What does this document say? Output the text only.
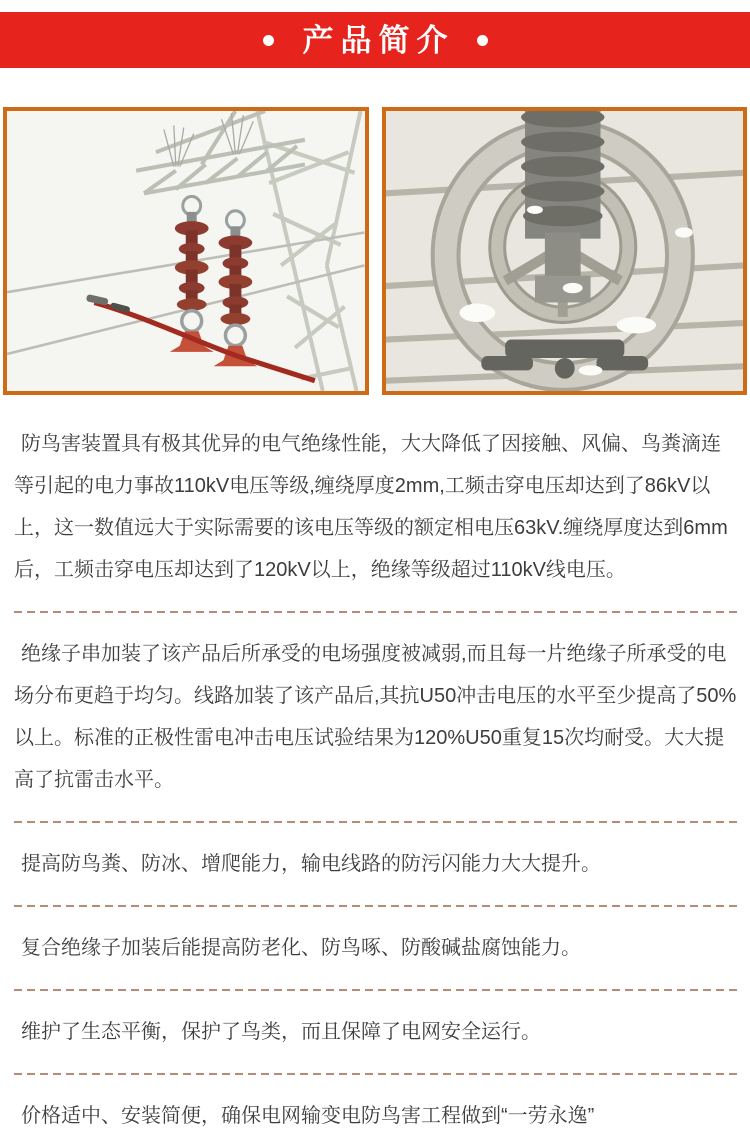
产品简介

防鸟害装置具有极其优异的电气绝缘性能，大大降低了因接触、风偏、鸟粪滴连等引起的电力事故110kV电压等级,缠绕厚度2mm,工频击穿电压却达到了86kV以上，这一数值远大于实际需要的该电压等级的额定相电压63kV.缠绕厚度达到6mm后，工频击穿电压却达到了120kV以上，绝缘等级超过110kV线电压。

绝缘子串加装了该产品后所承受的电场强度被减弱,而且每一片绝缘子所承受的电场分布更趋于均匀。线路加装了该产品后,其抗U50冲击电压的水平至少提高了50%以上。标准的正极性雷电冲击电压试验结果为120%U50重复15次均耐受。大大提高了抗雷击水平。

提高防鸟粪、防冰、增爬能力，输电线路的防污闪能力大大提升。

复合绝缘子加装后能提高防老化、防鸟啄、防酸碱盐腐蚀能力。

维护了生态平衡，保护了鸟类，而且保障了电网安全运行。

价格适中、安装简便，确保电网输变电防鸟害工程做到“一劳永逸”
